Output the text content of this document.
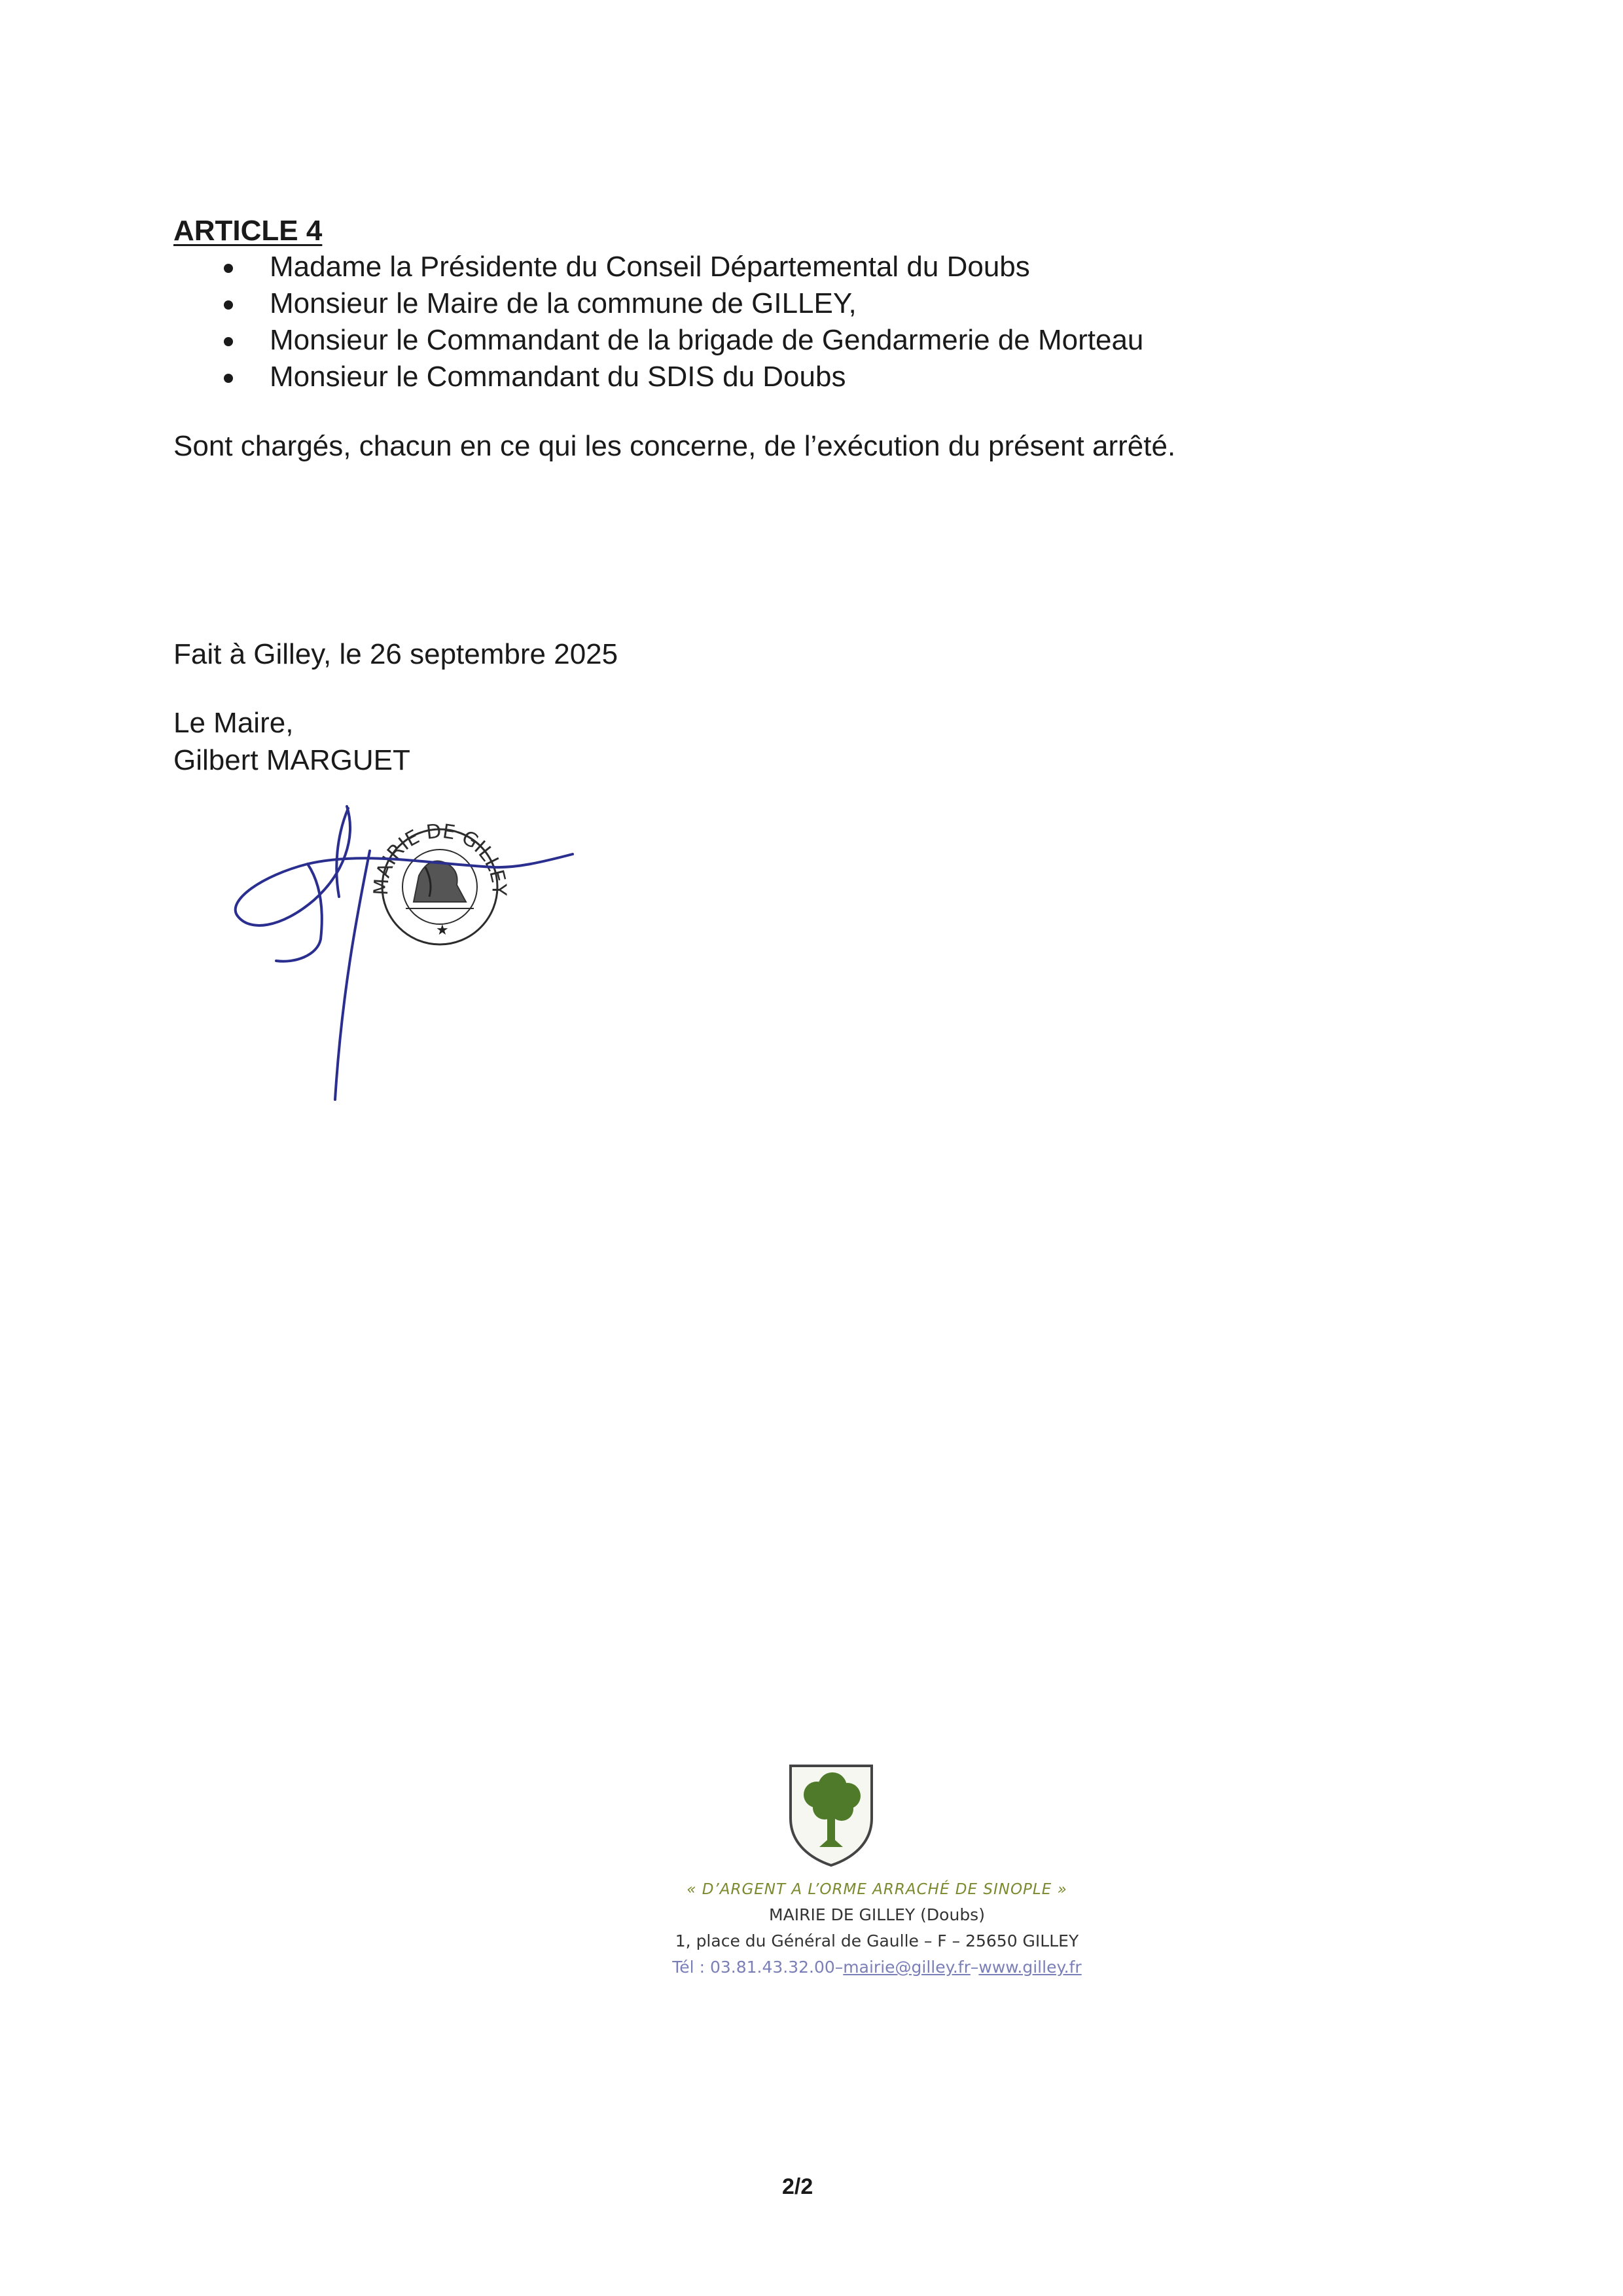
ARTICLE 4
Madame la Présidente du Conseil Départemental du Doubs
Monsieur le Maire de la commune de GILLEY,
Monsieur le Commandant de la brigade de Gendarmerie de Morteau
Monsieur le Commandant du SDIS du Doubs
Sont chargés, chacun en ce qui les concerne, de l’exécution du présent arrêté.
Fait à Gilley, le 26 septembre 2025
Le Maire,
Gilbert MARGUET
MAIRIE DE GILLEY
★
« D’ARGENT A L’ORME ARRACHÉ DE SINOPLE »
MAIRIE DE GILLEY (Doubs)
1, place du Général de Gaulle – F – 25650 GILLEY
Tél : 03.81.43.32.00–mairie@gilley.fr–www.gilley.fr
2/2
